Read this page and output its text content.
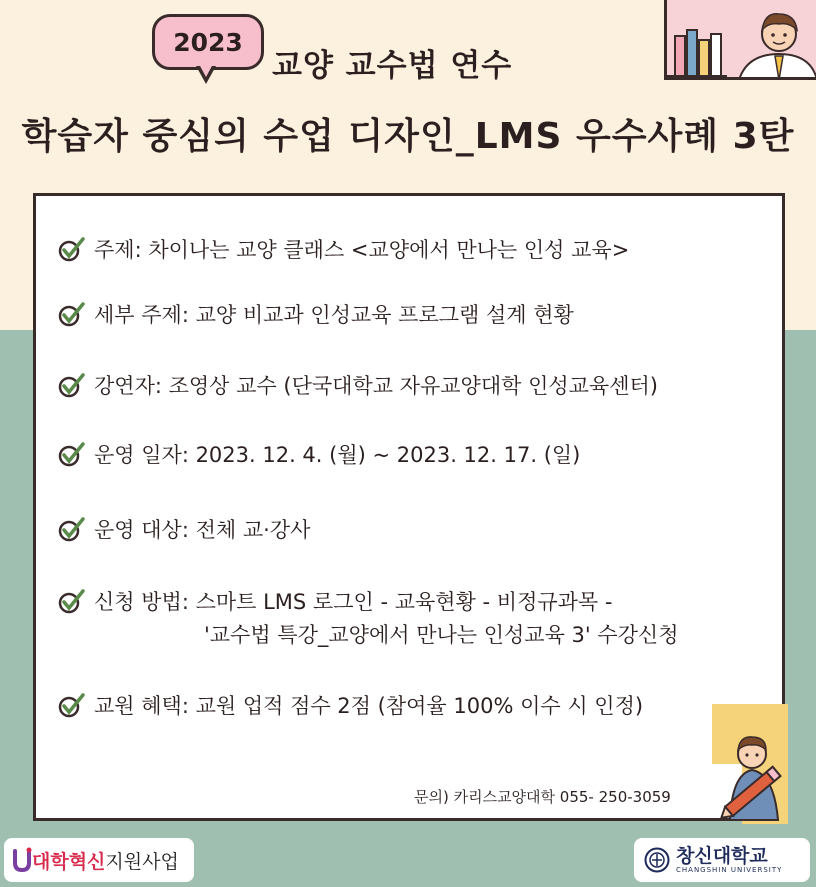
2023
교양 교수법 연수
학습자 중심의 수업 디자인_LMS 우수사례 3탄
주제: 차이나는 교양 클래스 <교양에서 만나는 인성 교육>
세부 주제: 교양 비교과 인성교육 프로그램 설계 현황
강연자: 조영상 교수 (단국대학교 자유교양대학 인성교육센터)
운영 일자: 2023. 12. 4. (월) ~ 2023. 12. 17. (일)
운영 대상: 전체 교·강사
신청 방법: 스마트 LMS 로그인 - 교육현황 - 비정규과목 -
'교수법 특강_교양에서 만나는 인성교육 3' 수강신청
교원 혜택: 교원 업적 점수 2점 (참여율 100% 이수 시 인정)
문의) 카리스교양대학 055- 250-3059
대학혁신 지원사업	창신대학교
CHANGSHIN UNIVERSITY
